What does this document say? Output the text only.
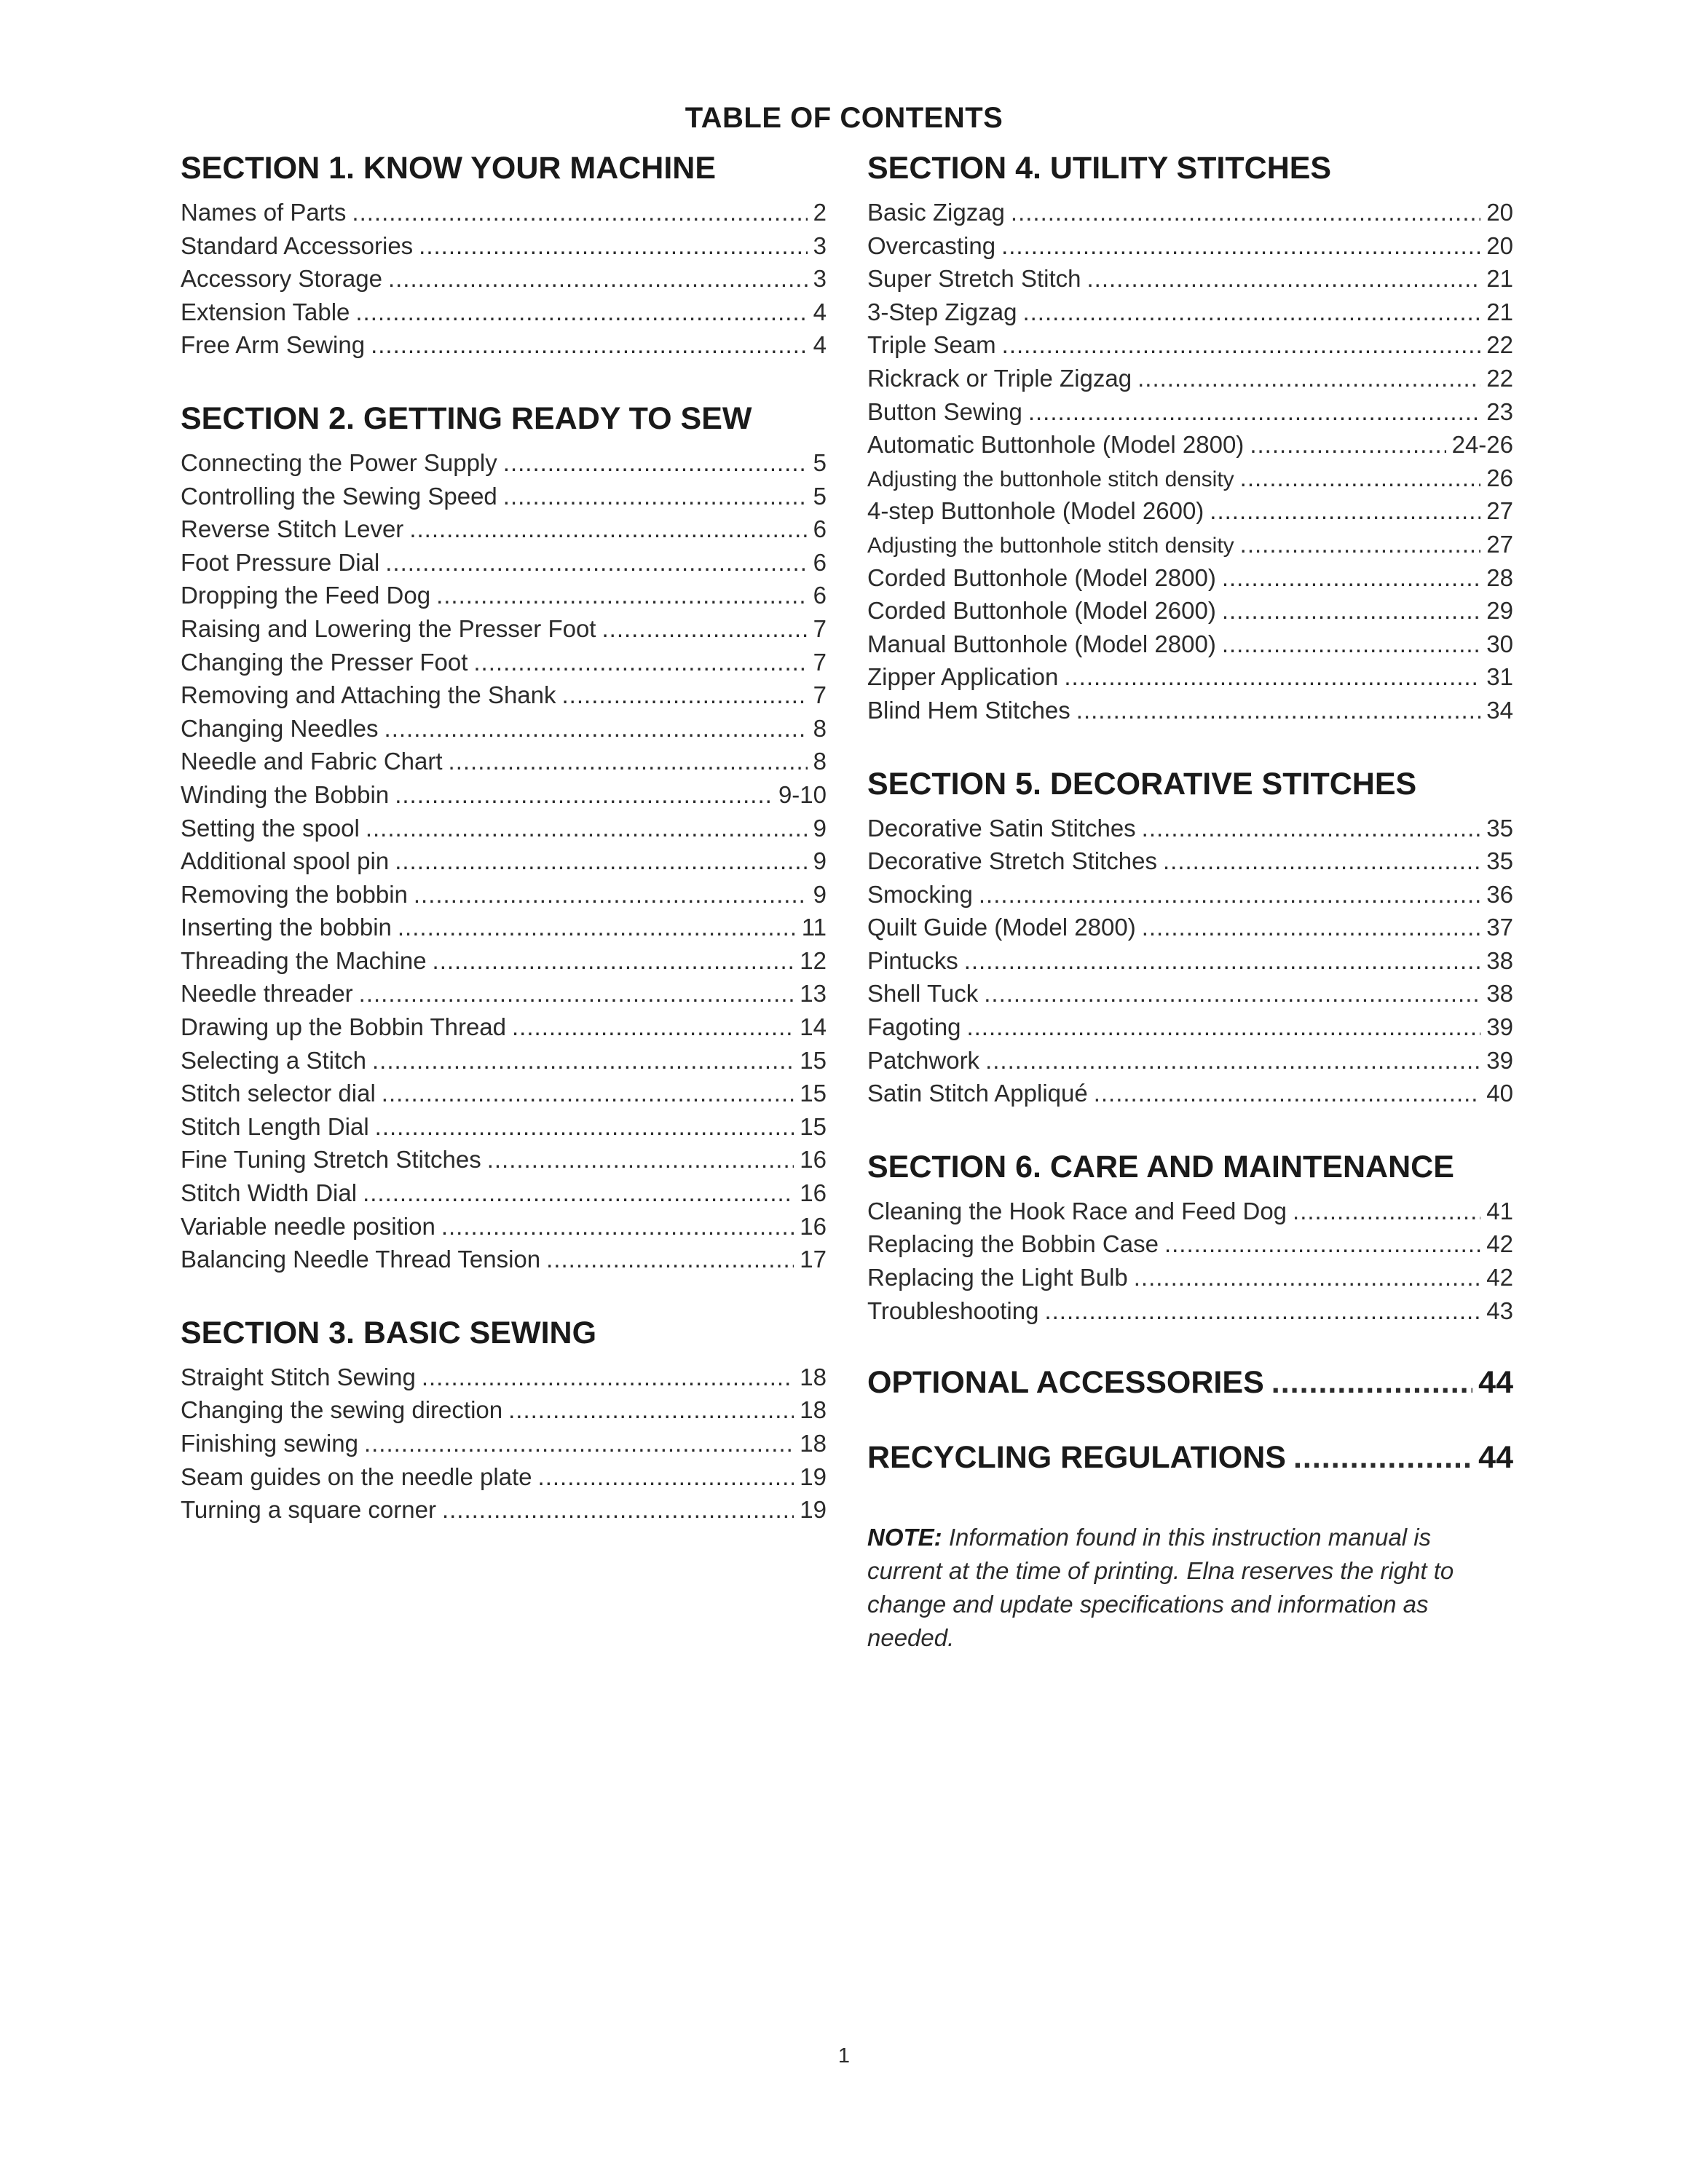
TABLE OF CONTENTS
SECTION 1. KNOW YOUR MACHINE
Names of Parts .....	2
Standard Accessories .....	3
Accessory Storage .....	3
Extension Table .....	4
Free Arm Sewing .....	4
SECTION 2. GETTING READY TO SEW
Connecting the Power Supply .....	5
Controlling the Sewing Speed .....	5
Reverse Stitch Lever .....	6
Foot Pressure Dial .....	6
Dropping the Feed Dog .....	6
Raising and Lowering the Presser Foot .....	7
Changing the Presser Foot .....	7
Removing and Attaching the Shank .....	7
Changing Needles .....	8
Needle and Fabric Chart .....	8
Winding the Bobbin .....	9-10
Setting the spool .....	9
Additional spool pin .....	9
Removing the bobbin .....	9
Inserting the bobbin .....	11
Threading the Machine .....	12
Needle threader .....	13
Drawing up the Bobbin Thread .....	14
Selecting a Stitch .....	15
Stitch selector dial .....	15
Stitch Length Dial .....	15
Fine Tuning Stretch Stitches .....	16
Stitch Width Dial .....	16
Variable needle position .....	16
Balancing Needle Thread Tension .....	17
SECTION 3. BASIC SEWING
Straight Stitch Sewing .....	18
Changing the sewing direction .....	18
Finishing sewing .....	18
Seam guides on the needle plate .....	19
Turning a square corner .....	19
SECTION 4. UTILITY STITCHES
Basic Zigzag .....	20
Overcasting .....	20
Super Stretch Stitch .....	21
3-Step Zigzag .....	21
Triple Seam .....	22
Rickrack or Triple Zigzag .....	22
Button Sewing .....	23
Automatic Buttonhole (Model 2800) .....	24-26
Adjusting the buttonhole stitch density .....	26
4-step Buttonhole (Model 2600) .....	27
Adjusting the buttonhole stitch density .....	27
Corded Buttonhole (Model 2800) .....	28
Corded Buttonhole (Model 2600) .....	29
Manual Buttonhole (Model 2800) .....	30
Zipper Application .....	31
Blind Hem Stitches .....	34
SECTION 5. DECORATIVE STITCHES
Decorative Satin Stitches .....	35
Decorative Stretch Stitches .....	35
Smocking .....	36
Quilt Guide (Model 2800) .....	37
Pintucks .....	38
Shell Tuck .....	38
Fagoting .....	39
Patchwork .....	39
Satin Stitch Appliqué .....	40
SECTION 6. CARE AND MAINTENANCE
Cleaning the Hook Race and Feed Dog .....	41
Replacing the Bobbin Case .....	42
Replacing the Light Bulb .....	42
Troubleshooting .....	43
OPTIONAL ACCESSORIES .....	44
RECYCLING REGULATIONS .....	44
NOTE: Information found in this instruction manual is current at the time of printing. Elna reserves the right to change and update specifications and information as needed.
1
